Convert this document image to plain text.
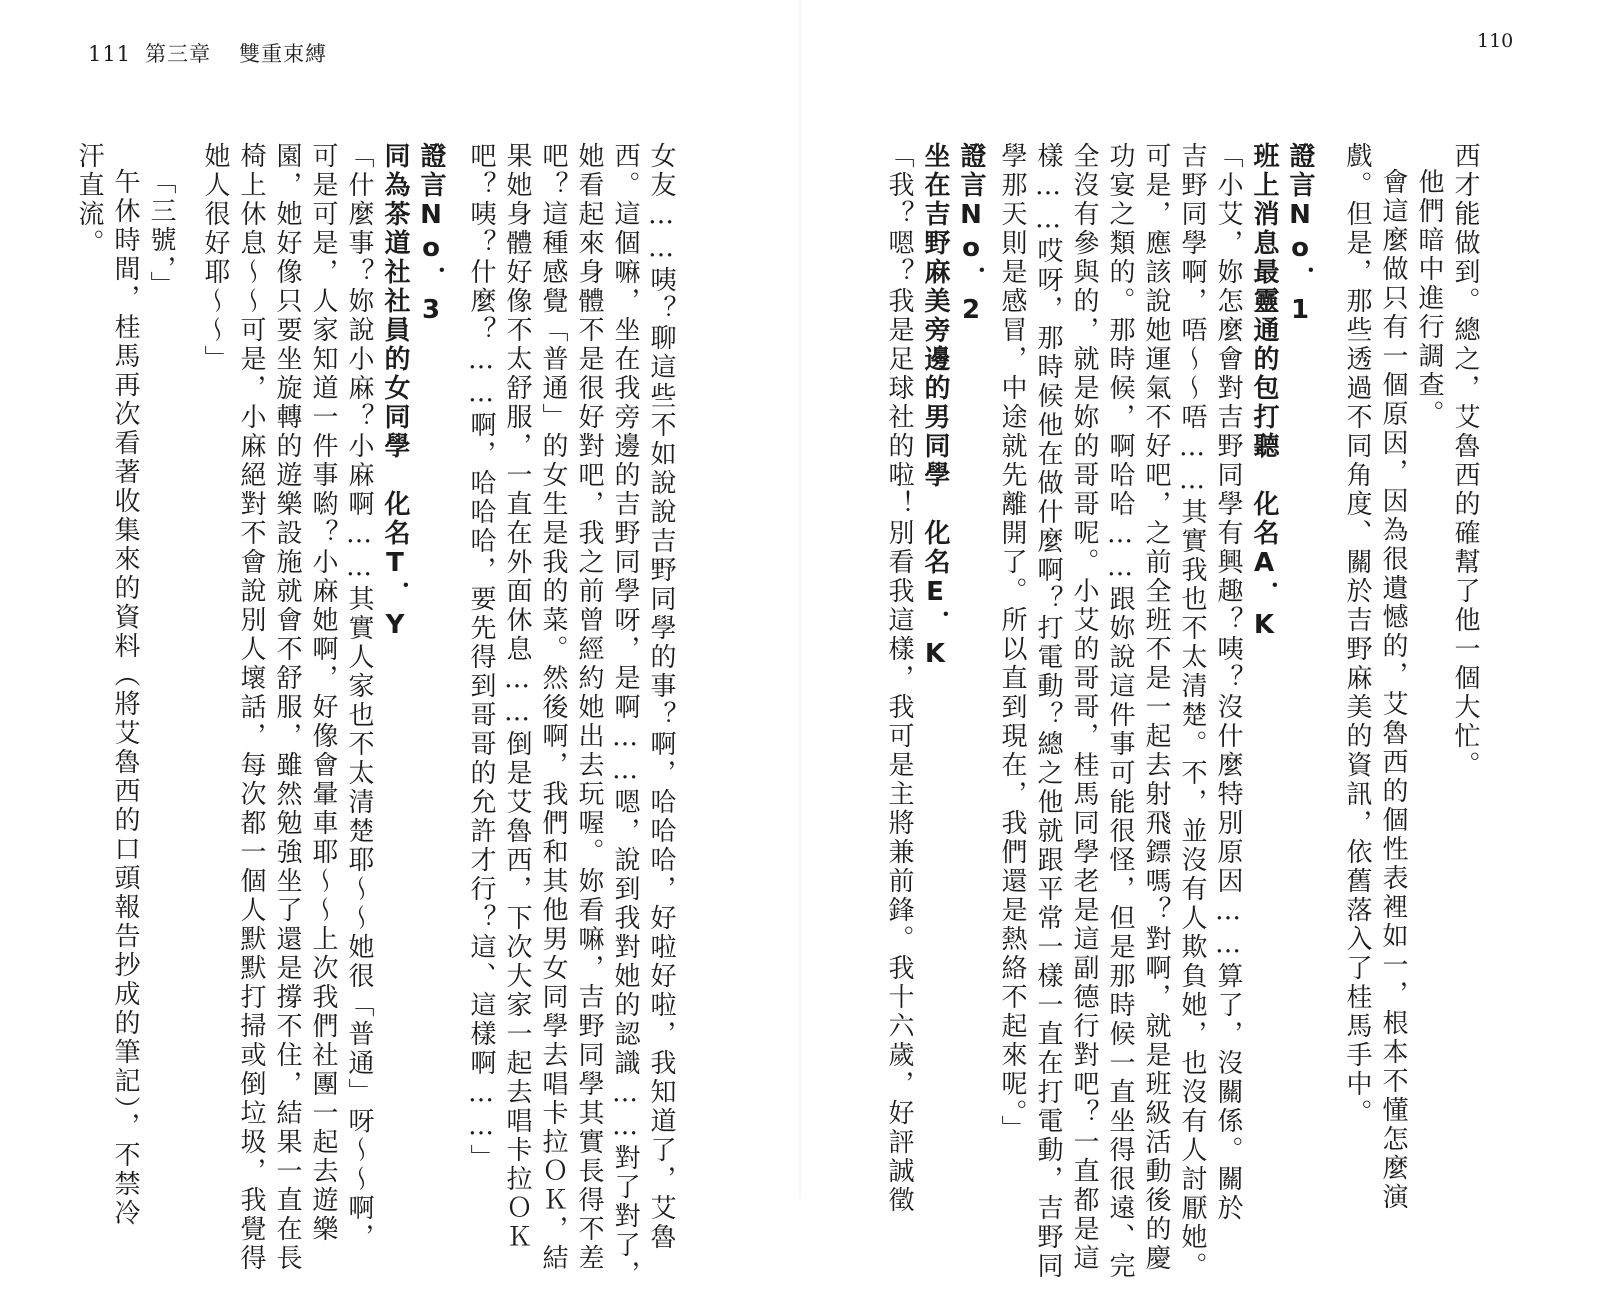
111 第三章 雙重束縛
110
西才能做到。總之，艾魯西的確幫了他一個大忙。
他們暗中進行調查。
會這麼做只有一個原因，因為很遺憾的，艾魯西的個性表裡如一，根本不懂怎麼演
戲。但是，那些透過不同角度、關於吉野麻美的資訊，依舊落入了桂馬手中。
證言No．1
班上消息最靈通的包打聽　化名A．K
「小艾，妳怎麼會對吉野同學有興趣？咦？沒什麼特別原因……算了，沒關係。關於
吉野同學啊，唔～～唔……其實我也不太清楚。不，並沒有人欺負她，也沒有人討厭她。
可是，應該說她運氣不好吧，之前全班不是一起去射飛鏢嗎？對啊，就是班級活動後的慶
功宴之類的。那時候，啊哈哈……跟妳說這件事可能很怪，但是那時候一直坐得很遠、完
全沒有參與的，就是妳的哥哥呢。小艾的哥哥，桂馬同學老是這副德行對吧？一直都是這
樣……哎呀，那時候他在做什麼啊？打電動？總之他就跟平常一樣一直在打電動，吉野同
學那天則是感冒，中途就先離開了。所以直到現在，我們還是熱絡不起來呢。」
證言No．2
坐在吉野麻美旁邊的男同學　化名E．K
「我？嗯？我是足球社的啦！別看我這樣，我可是主將兼前鋒。我十六歲，好評誠徵
女友……咦？聊這些不如說說吉野同學的事？啊，哈哈哈，好啦好啦，我知道了，艾魯
西。這個嘛，坐在我旁邊的吉野同學呀，是啊……嗯，說到我對她的認識……對了對了，
她看起來身體不是很好對吧，我之前曾經約她出去玩喔。妳看嘛，吉野同學其實長得不差
吧？這種感覺「普通」的女生是我的菜。然後啊，我們和其他男女同學去唱卡拉ＯＫ，結
果她身體好像不太舒服，一直在外面休息……倒是艾魯西，下次大家一起去唱卡拉ＯＫ
吧？咦？什麼？……啊，哈哈哈，要先得到哥哥的允許才行？這、這樣啊……」
證言No．3
同為茶道社社員的女同學　化名T．Y
「什麼事？妳說小麻？小麻啊……其實人家也不太清楚耶～～她很「普通」呀～～啊，
可是可是，人家知道一件事喲？小麻她啊，好像會暈車耶～～上次我們社團一起去遊樂
園，她好像只要坐旋轉的遊樂設施就會不舒服，雖然勉強坐了還是撐不住，結果一直在長
椅上休息～～可是，小麻絕對不會說別人壞話，每次都一個人默默打掃或倒垃圾，我覺得
她人很好耶～～」
「三號，」
午休時間，桂馬再次看著收集來的資料（將艾魯西的口頭報告抄成的筆記），不禁冷
汗直流。
